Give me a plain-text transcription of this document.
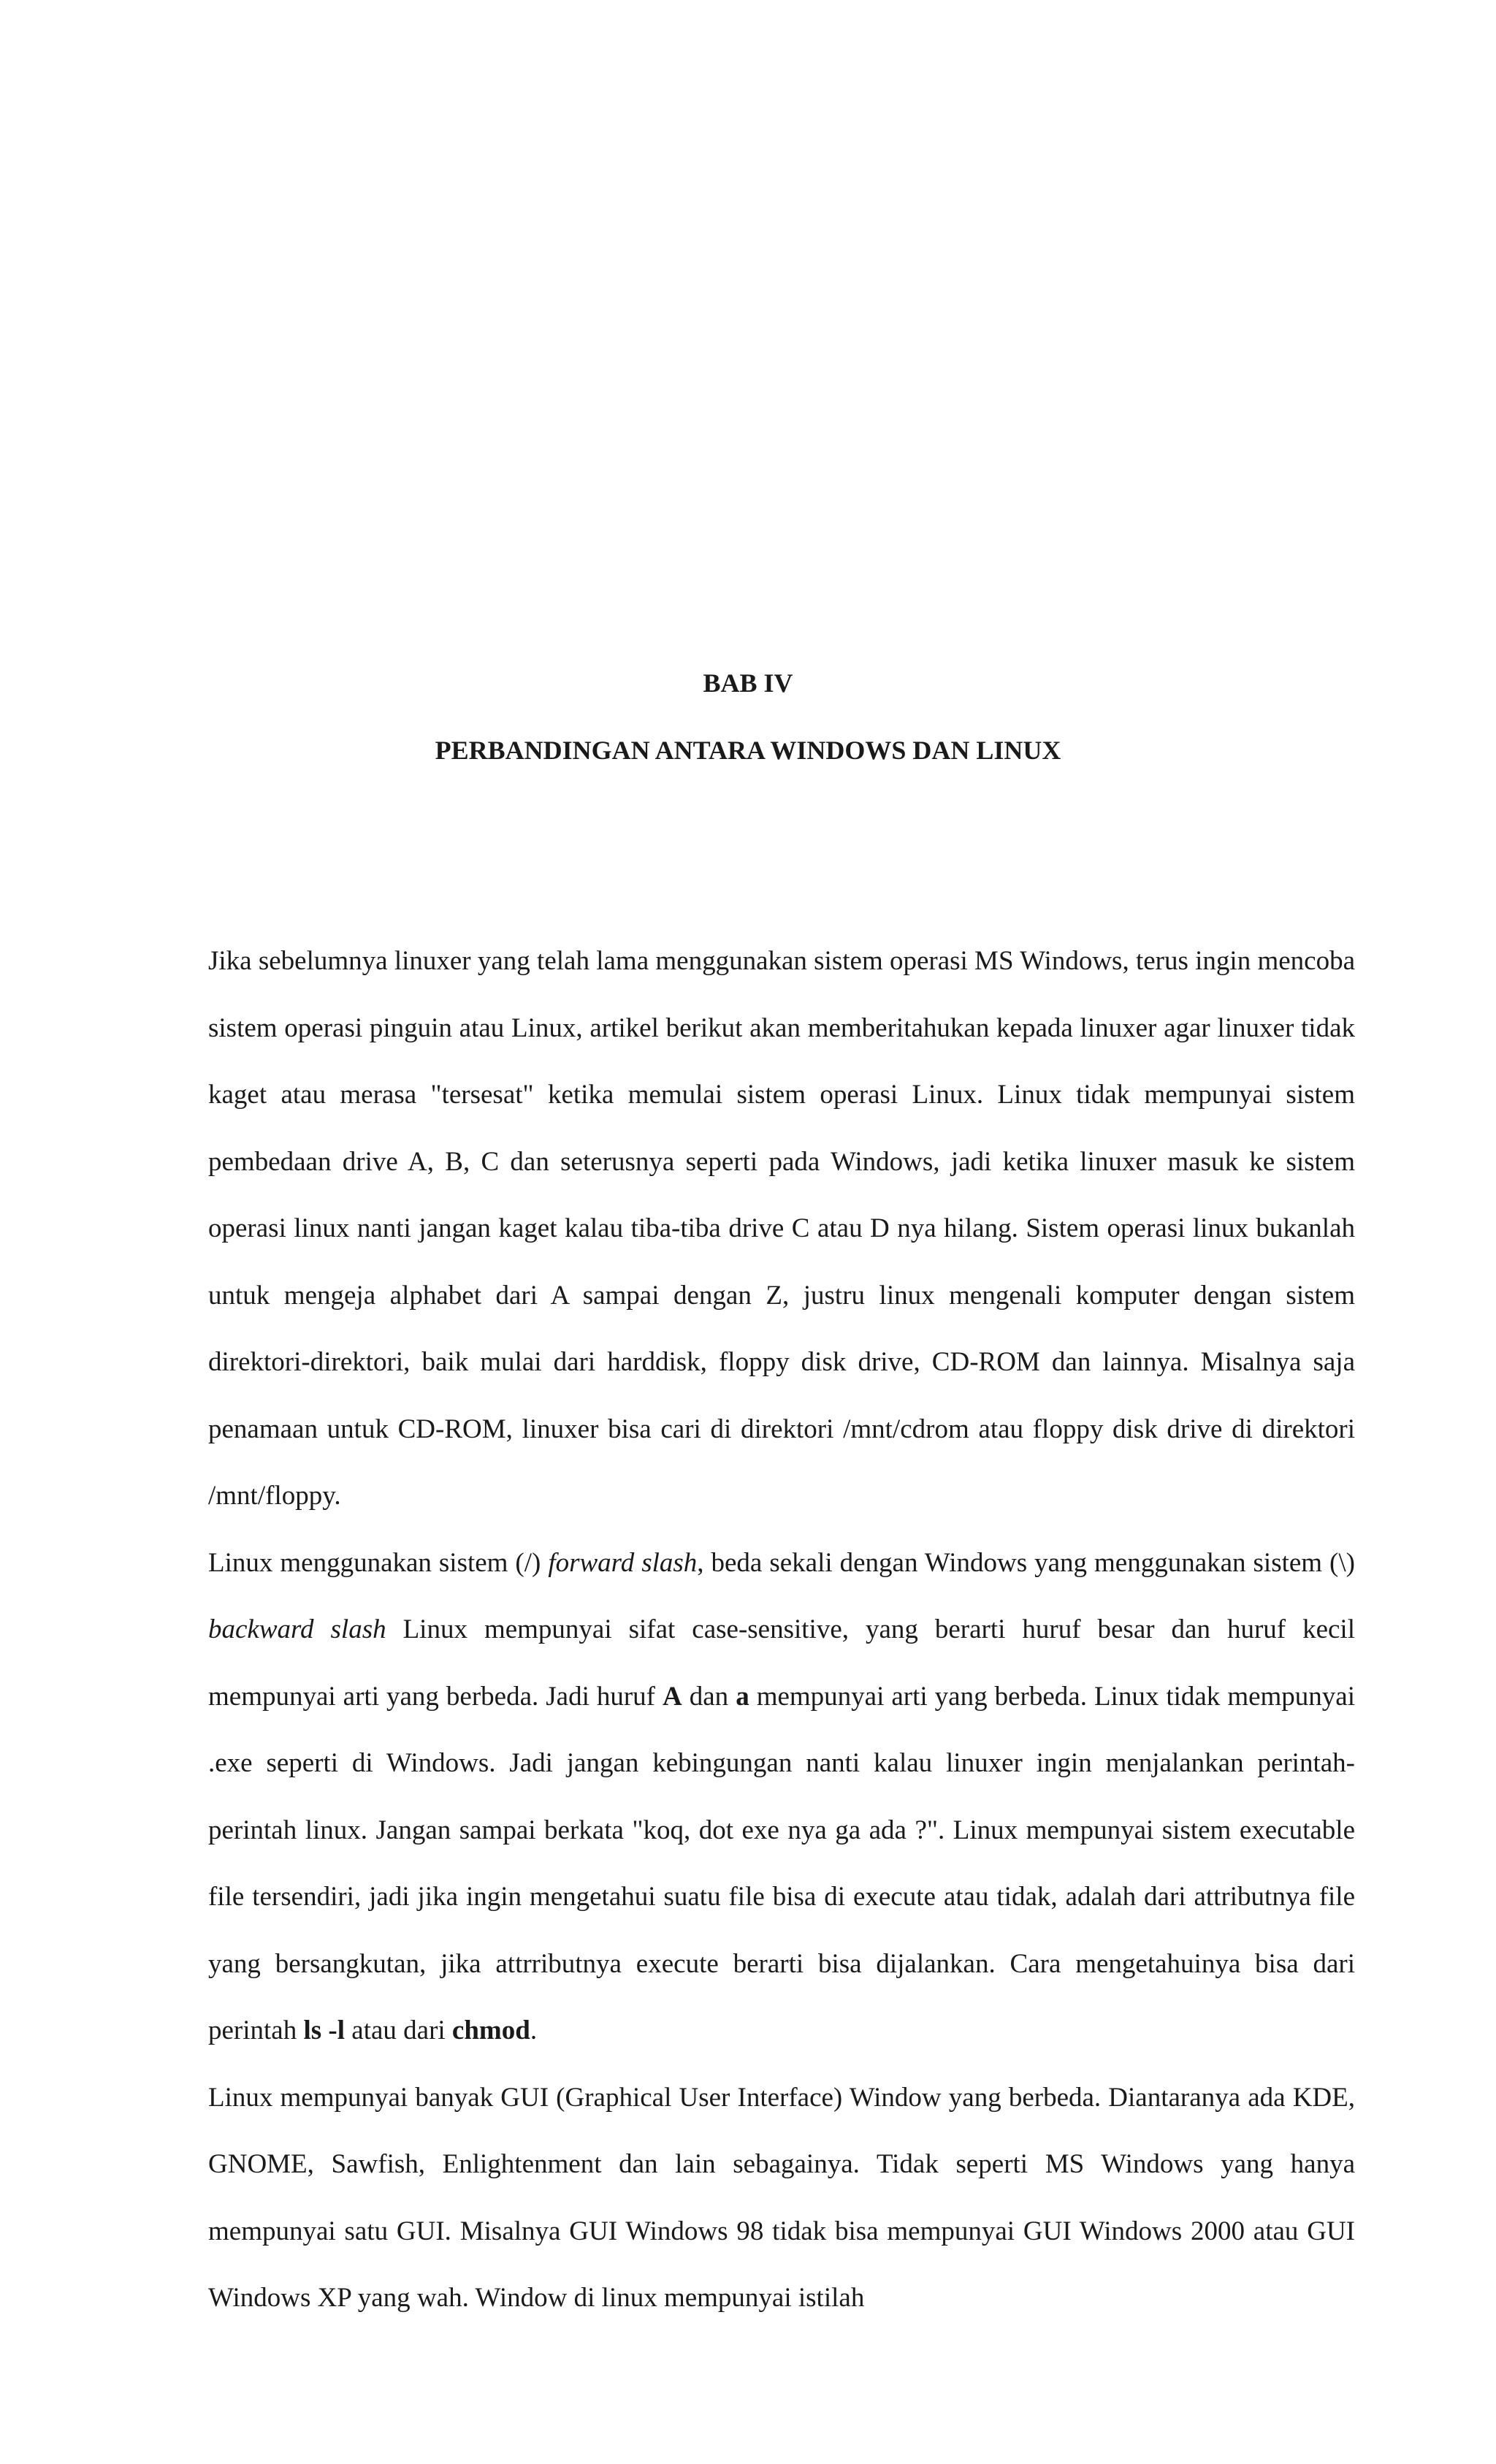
BAB IV

PERBANDINGAN ANTARA WINDOWS DAN LINUX

Jika sebelumnya linuxer yang telah lama menggunakan sistem operasi MS Windows, terus ingin mencoba sistem operasi pinguin atau Linux, artikel berikut akan memberitahukan kepada linuxer agar linuxer tidak kaget atau merasa "tersesat" ketika memulai sistem operasi Linux. Linux tidak mempunyai sistem pembedaan drive A, B, C dan seterusnya seperti pada Windows, jadi ketika linuxer masuk ke sistem operasi linux nanti jangan kaget kalau tiba-tiba drive C atau D nya hilang. Sistem operasi linux bukanlah untuk mengeja alphabet dari A sampai dengan Z, justru linux mengenali komputer dengan sistem direktori-direktori, baik mulai dari harddisk, floppy disk drive, CD-ROM dan lainnya. Misalnya saja penamaan untuk CD-ROM, linuxer bisa cari di direktori /mnt/cdrom atau floppy disk drive di direktori /mnt/floppy.

Linux menggunakan sistem (/) forward slash, beda sekali dengan Windows yang menggunakan sistem (\) backward slash Linux mempunyai sifat case-sensitive, yang berarti huruf besar dan huruf kecil mempunyai arti yang berbeda. Jadi huruf A dan a mempunyai arti yang berbeda. Linux tidak mempunyai .exe seperti di Windows. Jadi jangan kebingungan nanti kalau linuxer ingin menjalankan perintah-perintah linux. Jangan sampai berkata "koq, dot exe nya ga ada ?". Linux mempunyai sistem executable file tersendiri, jadi jika ingin mengetahui suatu file bisa di execute atau tidak, adalah dari attributnya file yang bersangkutan, jika attrributnya execute berarti bisa dijalankan. Cara mengetahuinya bisa dari perintah ls -l atau dari chmod.

Linux mempunyai banyak GUI (Graphical User Interface) Window yang berbeda. Diantaranya ada KDE, GNOME, Sawfish, Enlightenment dan lain sebagainya. Tidak seperti MS Windows yang hanya mempunyai satu GUI. Misalnya GUI Windows 98 tidak bisa mempunyai GUI Windows 2000 atau GUI Windows XP yang wah. Window di linux mempunyai istilah
